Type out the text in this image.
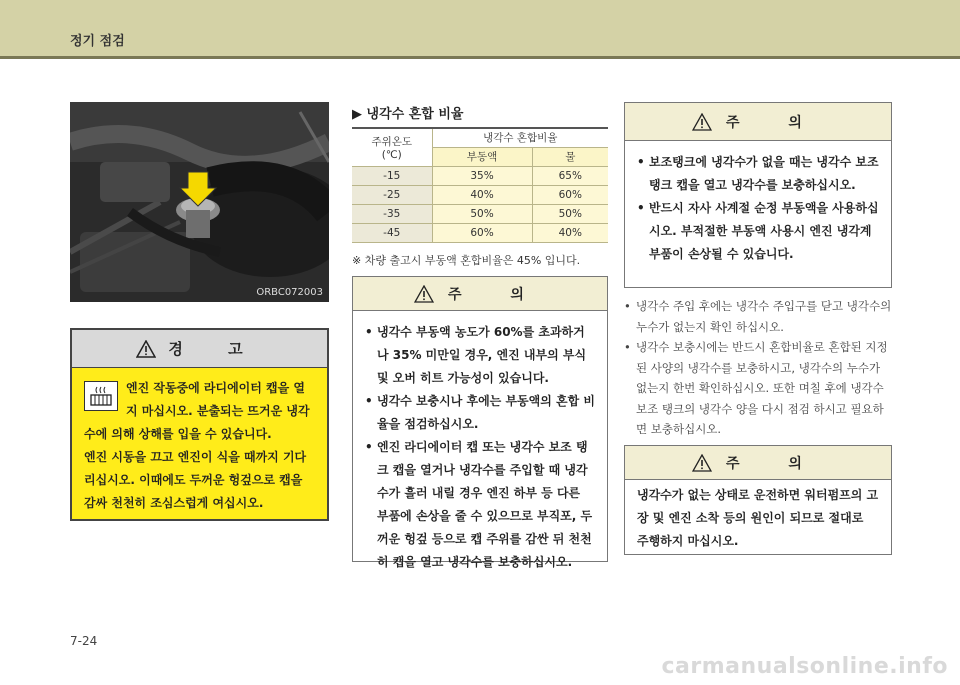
정기 점검
ORBC072003
경 고
엔진 작동중에 라디에이터 캡을 열
지 마십시오. 분출되는 뜨거운 냉각
수에 의해 상해를 입을 수 있습니다.
엔진 시동을 끄고 엔진이 식을 때까지 기다
리십시오. 이때에도 두꺼운 헝겊으로 캡을
감싸 천천히 조심스럽게 여십시오.
▶ 냉각수 혼합 비율
주위온도
(℃)	냉각수 혼합비율	
	부동액	물
-15	35%	65%
-25	40%	60%
-35	50%	50%
-45	60%	40%
※ 차량 출고시 부동액 혼합비율은 45% 입니다.
주 의
• 냉각수 부동액 농도가 60%를 초과하거나 35% 미만일 경우, 엔진 내부의 부식 및 오버 히트 가능성이 있습니다.
• 냉각수 보충시나 후에는 부동액의 혼합 비율을 점검하십시오.
• 엔진 라디에이터 캡 또는 냉각수 보조 탱크 캡을 열거나 냉각수를 주입할 때 냉각수가 흘러 내릴 경우 엔진 하부 등 다른 부품에 손상을 줄 수 있으므로 부직포, 두꺼운 헝겊 등으로 캡 주위를 감싼 뒤 천천히 캡을 열고 냉각수를 보충하십시오.
주 의
• 보조탱크에 냉각수가 없을 때는 냉각수 보조 탱크 캡을 열고 냉각수를 보충하십시오.
• 반드시 자사 사계절 순정 부동액을 사용하십시오. 부적절한 부동액 사용시 엔진 냉각계 부품이 손상될 수 있습니다.
• 냉각수 주입 후에는 냉각수 주입구를 닫고 냉각수의 누수가 없는지 확인 하십시오.
• 냉각수 보충시에는 반드시 혼합비율로 혼합된 지정된 사양의 냉각수를 보충하시고, 냉각수의 누수가 없는지 한번 확인하십시오. 또한 며칠 후에 냉각수 보조 탱크의 냉각수 양을 다시 점검 하시고 필요하면 보충하십시오.
주 의
냉각수가 없는 상태로 운전하면 워터펌프의 고장 및 엔진 소착 등의 원인이 되므로 절대로 주행하지 마십시오.
7-24
carmanualsonline.info
